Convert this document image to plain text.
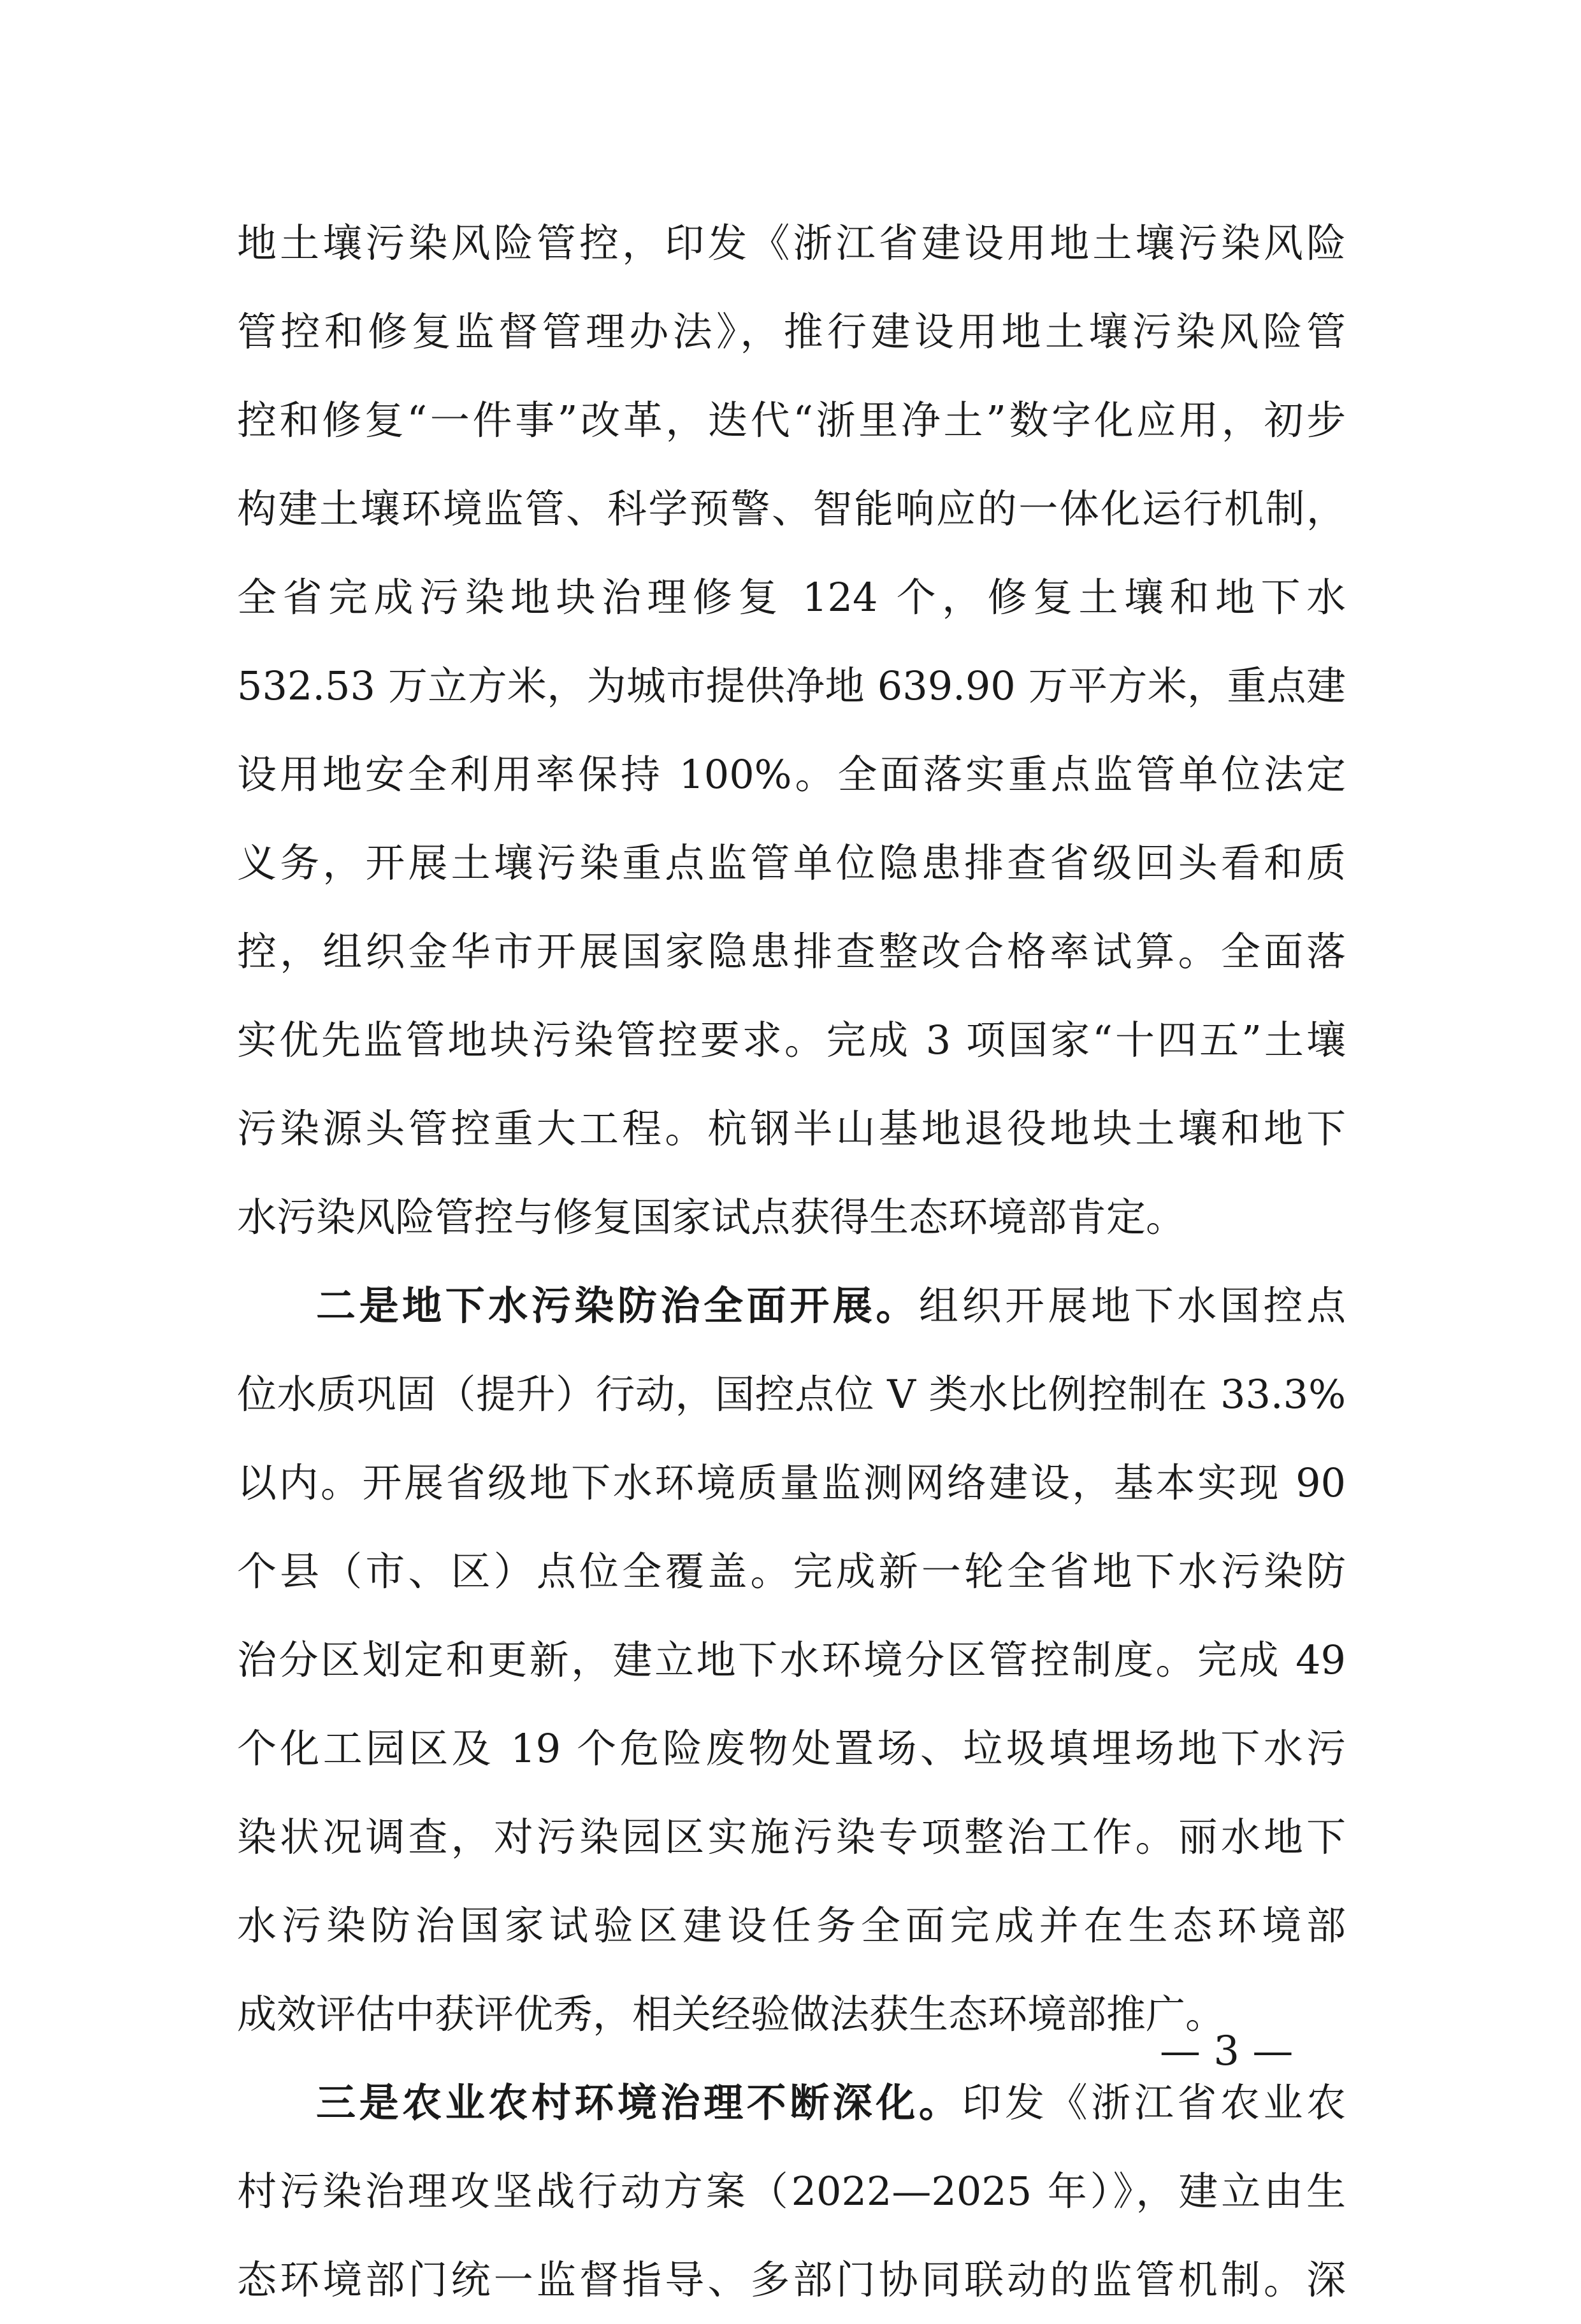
地土壤污染风险管控，印发《浙江省建设用地土壤污染风险
管控和修复监督管理办法》，推行建设用地土壤污染风险管
控和修复“一件事”改革，迭代“浙里净土”数字化应用，初步
构建土壤环境监管、科学预警、智能响应的一体化运行机制，
全省完成污染地块治理修复 124 个，修复土壤和地下水
532.53 万立方米，为城市提供净地 639.90 万平方米，重点建
设用地安全利用率保持 100%。全面落实重点监管单位法定
义务，开展土壤污染重点监管单位隐患排查省级回头看和质
控，组织金华市开展国家隐患排查整改合格率试算。全面落
实优先监管地块污染管控要求。完成 3 项国家“十四五”土壤
污染源头管控重大工程。杭钢半山基地退役地块土壤和地下
水污染风险管控与修复国家试点获得生态环境部肯定。
二是地下水污染防治全面开展。组织开展地下水国控点
位水质巩固（提升）行动，国控点位 V 类水比例控制在 33.3%
以内。开展省级地下水环境质量监测网络建设，基本实现 90
个县（市、区）点位全覆盖。完成新一轮全省地下水污染防
治分区划定和更新，建立地下水环境分区管控制度。完成 49
个化工园区及 19 个危险废物处置场、垃圾填埋场地下水污
染状况调查，对污染园区实施污染专项整治工作。丽水地下
水污染防治国家试验区建设任务全面完成并在生态环境部
成效评估中获评优秀，相关经验做法获生态环境部推广。
三是农业农村环境治理不断深化。印发《浙江省农业农
村污染治理攻坚战行动方案（2022—2025 年）》，建立由生
态环境部门统一监督指导、多部门协同联动的监管机制。深
— 3 —
